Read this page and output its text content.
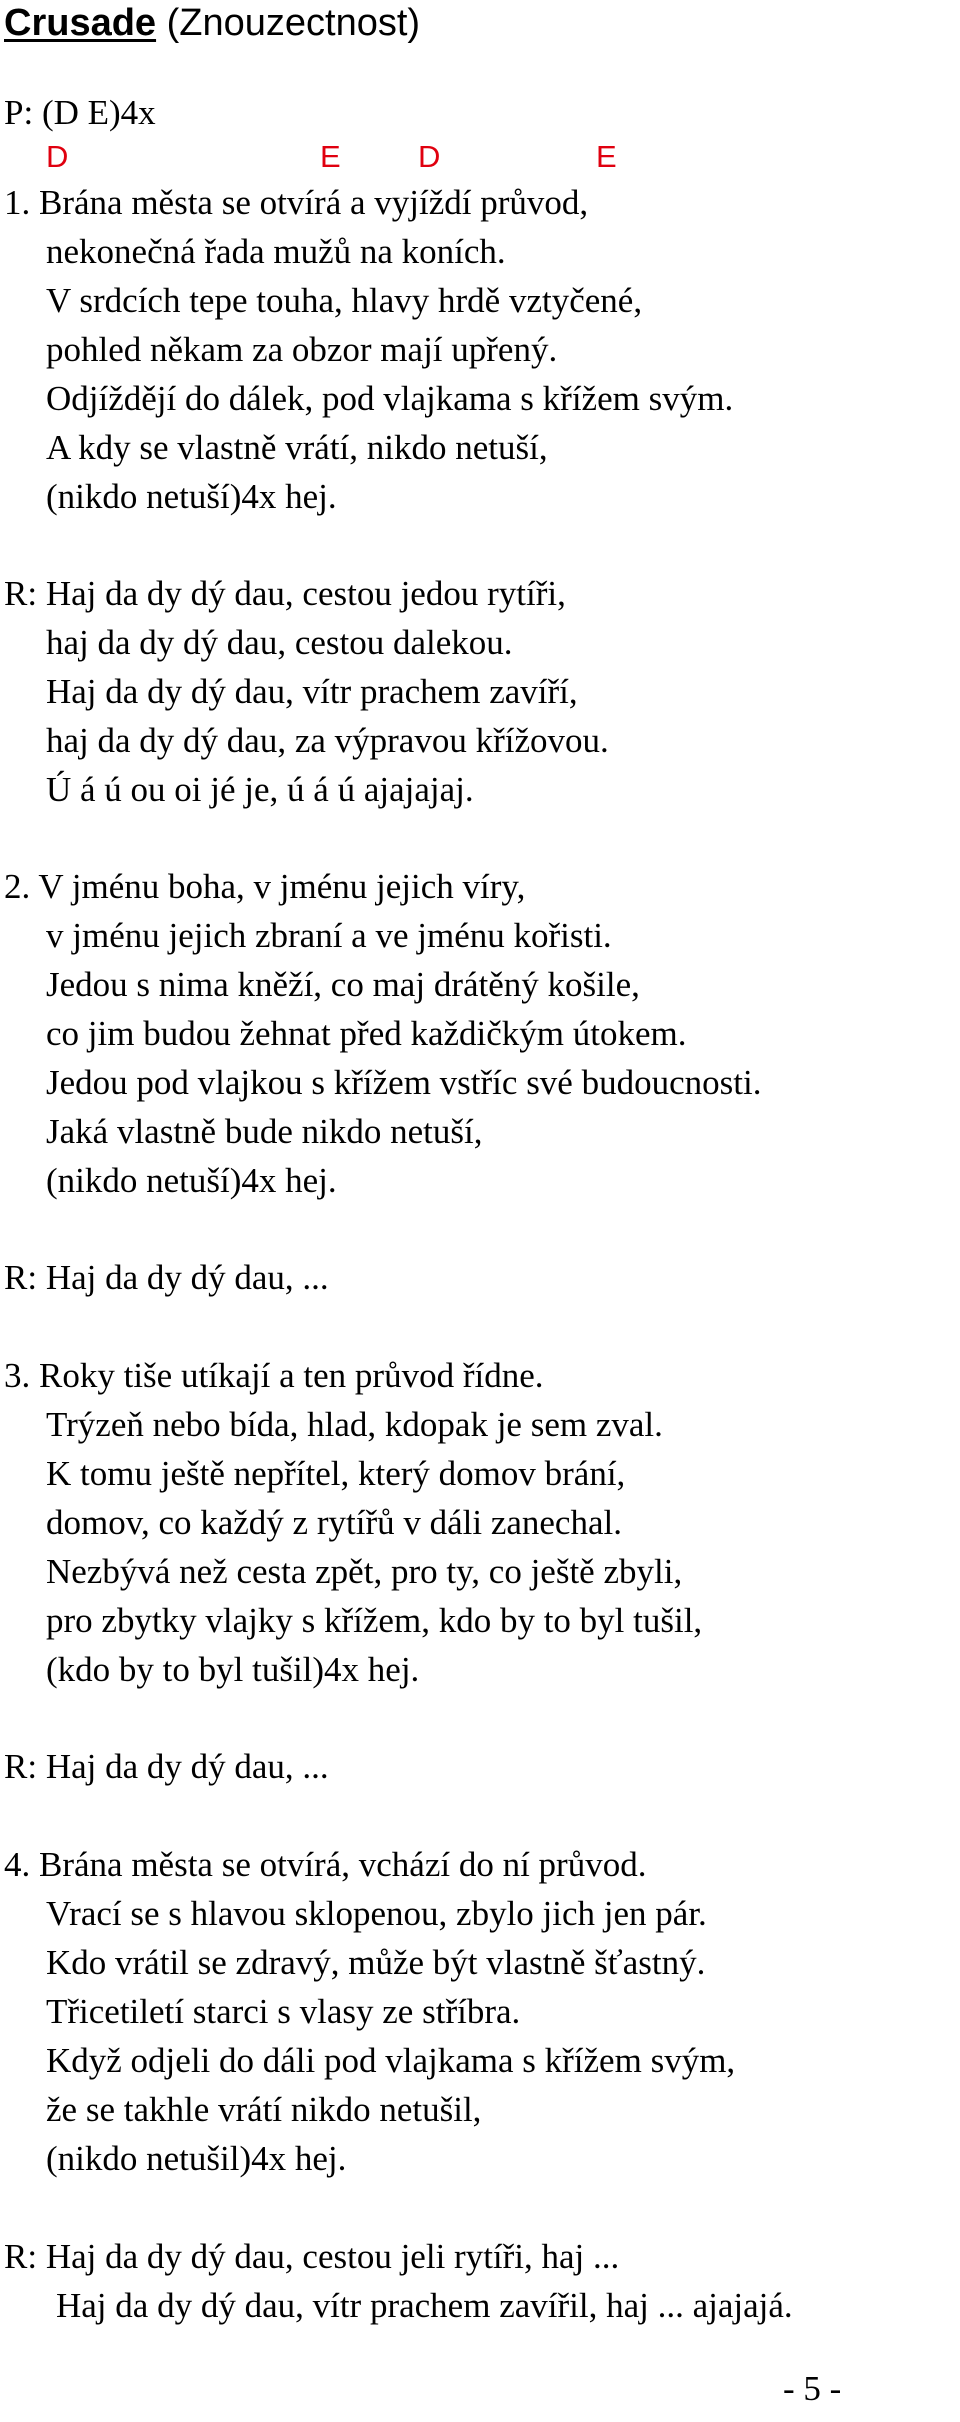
Crusade (Znouzectnost)
P: (D E)4x
D	E D	E
1. Brána města se otvírá a vyjíždí průvod,
nekonečná řada mužů na koních.
V srdcích tepe touha, hlavy hrdě vztyčené,
pohled někam za obzor mají upřený.
Odjíždějí do dálek, pod vlajkama s křížem svým.
A kdy se vlastně vrátí, nikdo netuší,
(nikdo netuší)4x hej.
R: Haj da dy dý dau, cestou jedou rytíři,
haj da dy dý dau, cestou dalekou.
Haj da dy dý dau, vítr prachem zavíří,
haj da dy dý dau, za výpravou křížovou.
Ú á ú ou oi jé je, ú á ú ajajajaj.
2. V jménu boha, v jménu jejich víry,
v jménu jejich zbraní a ve jménu kořisti.
Jedou s nima kněží, co maj drátěný košile,
co jim budou žehnat před každičkým útokem.
Jedou pod vlajkou s křížem vstříc své budoucnosti.
Jaká vlastně bude nikdo netuší,
(nikdo netuší)4x hej.
R: Haj da dy dý dau, ...
3. Roky tiše utíkají a ten průvod řídne.
Trýzeň nebo bída, hlad, kdopak je sem zval.
K tomu ještě nepřítel, který domov brání,
domov, co každý z rytířů v dáli zanechal.
Nezbývá než cesta zpět, pro ty, co ještě zbyli,
pro zbytky vlajky s křížem, kdo by to byl tušil,
(kdo by to byl tušil)4x hej.
R: Haj da dy dý dau, ...
4. Brána města se otvírá, vchází do ní průvod.
Vrací se s hlavou sklopenou, zbylo jich jen pár.
Kdo vrátil se zdravý, může být vlastně šťastný.
Třicetiletí starci s vlasy ze stříbra.
Když odjeli do dáli pod vlajkama s křížem svým,
že se takhle vrátí nikdo netušil,
(nikdo netušil)4x hej.
R: Haj da dy dý dau, cestou jeli rytíři, haj ...
Haj da dy dý dau, vítr prachem zavířil, haj ... ajajajá.
- 5 -
